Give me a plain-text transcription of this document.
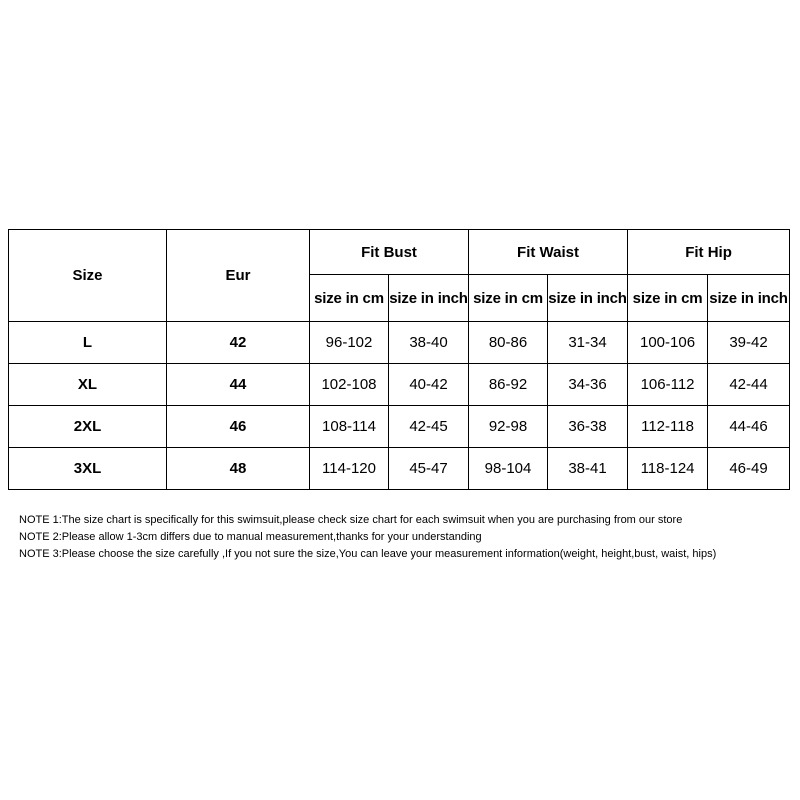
Size	Eur	Fit Bust		Fit Waist		Fit Hip	
		size in cm	size in inch	size in cm	size in inch	size in cm	size in inch
L	42	96-102	38-40	80-86	31-34	100-106	39-42
XL	44	102-108	40-42	86-92	34-36	106-112	42-44
2XL	46	108-114	42-45	92-98	36-38	112-118	44-46
3XL	48	114-120	45-47	98-104	38-41	118-124	46-49
NOTE 1:The size chart is specifically for this swimsuit,please check size chart for each swimsuit when you are purchasing from our store
NOTE 2:Please allow 1-3cm differs due to manual measurement,thanks for your understanding
NOTE 3:Please choose the size carefully ,If you not sure the size,You can leave your measurement information(weight, height,bust, waist, hips)
